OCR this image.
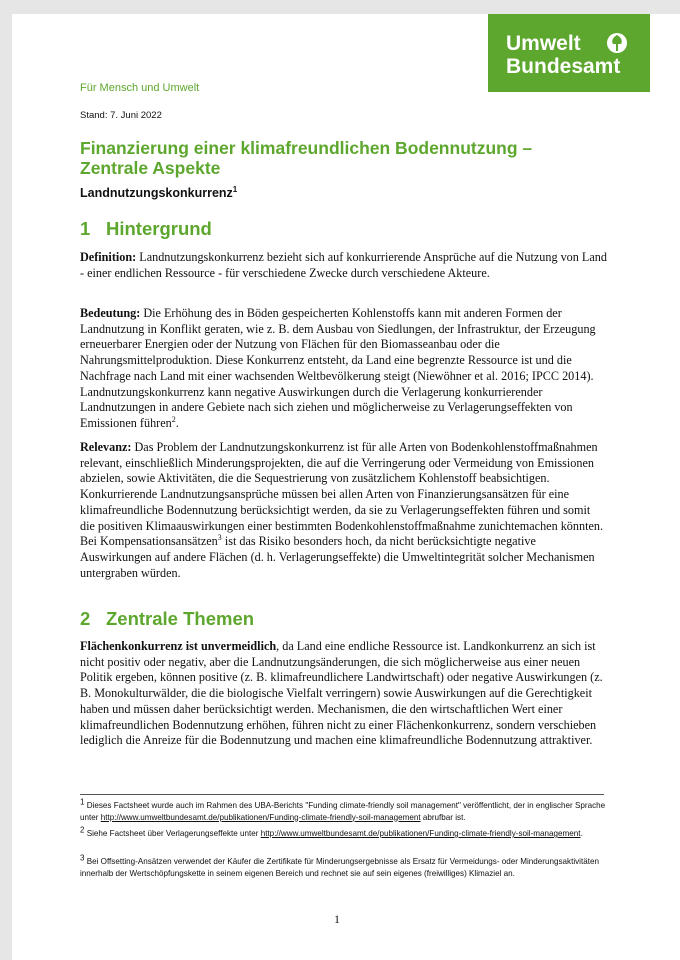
Umwelt
Bundesamt
Für Mensch und Umwelt
Stand: 7. Juni 2022
Finanzierung einer klimafreundlichen Bodennutzung – Zentrale Aspekte
Landnutzungskonkurrenz$^1$
1 Hintergrund
Definition: Landnutzungskonkurrenz bezieht sich auf konkurrierende Ansprüche auf die Nutzung von Land - einer endlichen Ressource - für verschiedene Zwecke durch verschiedene Akteure.
Bedeutung: Die Erhöhung des in Böden gespeicherten Kohlenstoffs kann mit anderen Formen der Landnutzung in Konflikt geraten, wie z. B. dem Ausbau von Siedlungen, der Infrastruktur, der Erzeugung erneuerbarer Energien oder der Nutzung von Flächen für den Biomasseanbau oder die Nahrungsmittelproduktion. Diese Konkurrenz entsteht, da Land eine begrenzte Ressource ist und die Nachfrage nach Land mit einer wachsenden Weltbevölkerung steigt (Niewöhner et al. 2016; IPCC 2014). Landnutzungskonkurrenz kann negative Auswirkungen durch die Verlagerung konkurrierender Landnutzungen in andere Gebiete nach sich ziehen und möglicherweise zu Verlagerungseffekten von Emissionen führen$^2$.
Relevanz: Das Problem der Landnutzungskonkurrenz ist für alle Arten von Bodenkohlenstoffmaßnahmen relevant, einschließlich Minderungsprojekten, die auf die Verringerung oder Vermeidung von Emissionen abzielen, sowie Aktivitäten, die die Sequestrierung von zusätzlichem Kohlenstoff beabsichtigen. Konkurrierende Landnutzungsansprüche müssen bei allen Arten von Finanzierungsansätzen für eine klimafreundliche Bodennutzung berücksichtigt werden, da sie zu Verlagerungseffekten führen und somit die positiven Klimaauswirkungen einer bestimmten Bodenkohlenstoffmaßnahme zunichtemachen könnten. Bei Kompensationsansätzen$^3$ ist das Risiko besonders hoch, da nicht berücksichtigte negative Auswirkungen auf andere Flächen (d. h. Verlagerungseffekte) die Umweltintegrität solcher Mechanismen untergraben würden.
2 Zentrale Themen
Flächenkonkurrenz ist unvermeidlich, da Land eine endliche Ressource ist. Landkonkurrenz an sich ist nicht positiv oder negativ, aber die Landnutzungsänderungen, die sich möglicherweise aus einer neuen Politik ergeben, können positive (z. B. klimafreundlichere Landwirtschaft) oder negative Auswirkungen (z. B. Monokulturwälder, die die biologische Vielfalt verringern) sowie Auswirkungen auf die Gerechtigkeit haben und müssen daher berücksichtigt werden. Mechanismen, die den wirtschaftlichen Wert einer klimafreundlichen Bodennutzung erhöhen, führen nicht zu einer Flächenkonkurrenz, sondern verschieben lediglich die Anreize für die Bodennutzung und machen eine klimafreundliche Bodennutzung attraktiver.
$^1$ Dieses Factsheet wurde auch im Rahmen des UBA-Berichts "Funding climate-friendly soil management" veröffentlicht, der in englischer Sprache unter http://www.umweltbundesamt.de/publikationen/Funding-climate-friendly-soil-management abrufbar ist.
$^2$ Siehe Factsheet über Verlagerungseffekte unter http://www.umweltbundesamt.de/publikationen/Funding-climate-friendly-soil-management.
$^3$ Bei Offsetting-Ansätzen verwendet der Käufer die Zertifikate für Minderungsergebnisse als Ersatz für Vermeidungs- oder Minderungsaktivitäten innerhalb der Wertschöpfungskette in seinem eigenen Bereich und rechnet sie auf sein eigenes (freiwilliges) Klimaziel an.
1
